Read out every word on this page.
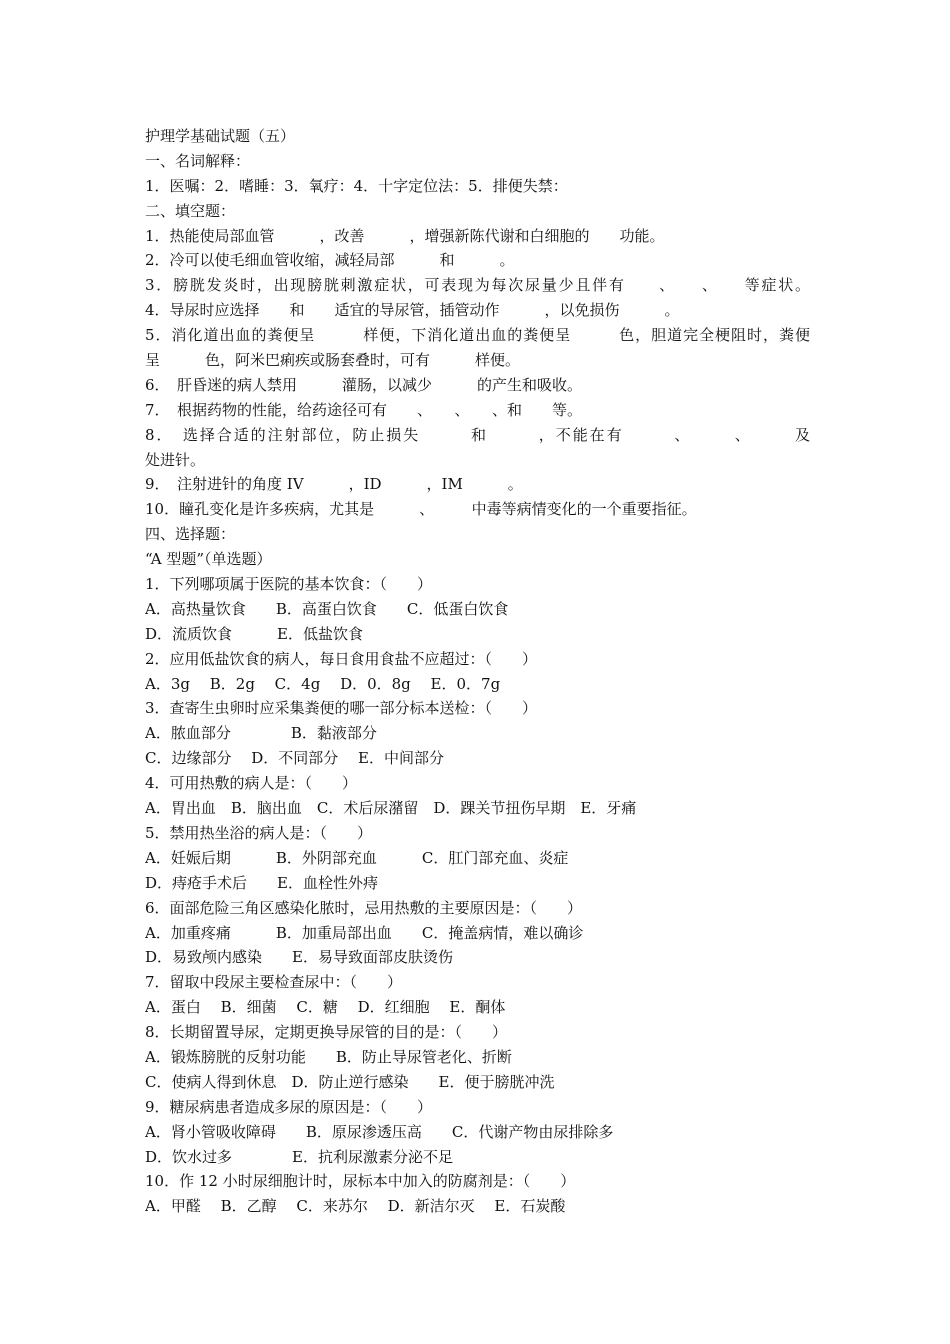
护理学基础试题（五）
一、名词解释：
1．医嘱：2．嗜睡：3．氧疗：4．十字定位法：5．排便失禁：
二、填空题：
1．热能使局部血管　　　，改善　　　，增强新陈代谢和白细胞的　　功能。
2．冷可以使毛细血管收缩，减轻局部　　　和　　　。
3．膀胱发炎时，出现膀胱刺激症状，可表现为每次尿量少且伴有　　、　　、　　等症状。
4．导尿时应选择　　和　　适宜的导尿管，插管动作　　　，以免损伤　　　。
5．消化道出血的粪便呈　　　样便，下消化道出血的粪便呈　　　色，胆道完全梗阻时，粪便
呈　　　色，阿米巴痢疾或肠套叠时，可有　　　样便。
6．　肝昏迷的病人禁用　　　灌肠，以减少　　　的产生和吸收。
7．　根据药物的性能，给药途径可有　　、　　、　　、和　　等。
8．　选择合适的注射部位，防止损失　　　和　　　，不能在有　　　、　　　、　　　及
处进针。
9．　注射进针的角度 IV　　　，ID　　　，IM　　　。
10．瞳孔变化是许多疾病，尤其是　　　、　　　中毒等病情变化的一个重要指征。
四、选择题：
“A 型题”（单选题）
1．下列哪项属于医院的基本饮食：（　　）
A．高热量饮食　　B．高蛋白饮食　　C．低蛋白饮食
D．流质饮食　　　E．低盐饮食
2．应用低盐饮食的病人，每日食用食盐不应超过：（　　）
A．3g　 B．2g　 C．4g　 D．0．8g　 E．0．7g
3．查寄生虫卵时应采集粪便的哪一部分标本送检：（　　）
A．脓血部分　　　　B．黏液部分
C．边缘部分　 D．不同部分　 E．中间部分
4．可用热敷的病人是：（　　）
A．胃出血　B．脑出血　C．术后尿潴留　D．踝关节扭伤早期　E．牙痛
5．禁用热坐浴的病人是：（　　）
A．妊娠后期　　　B．外阴部充血　　　C．肛门部充血、炎症
D．痔疮手术后　　E．血栓性外痔
6．面部危险三角区感染化脓时，忌用热敷的主要原因是：（　　）
A．加重疼痛　　　B．加重局部出血　　C．掩盖病情，难以确诊
D．易致颅内感染　　E．易导致面部皮肤烫伤
7．留取中段尿主要检查尿中：（　　）
A．蛋白　 B．细菌　 C．糖　 D．红细胞　 E．酮体
8．长期留置导尿，定期更换导尿管的目的是：（　　）
A．锻炼膀胱的反射功能　　B．防止导尿管老化、折断
C．使病人得到休息　D．防止逆行感染　　E．便于膀胱冲洗
9．糖尿病患者造成多尿的原因是：（　　）
A．肾小管吸收障碍　　B．原尿渗透压高　　C．代谢产物由尿排除多
D．饮水过多　　　　E．抗利尿激素分泌不足
10．作 12 小时尿细胞计时，尿标本中加入的防腐剂是：（　　）
A．甲醛　 B．乙醇　 C．来苏尔　 D．新洁尔灭　 E．石炭酸
